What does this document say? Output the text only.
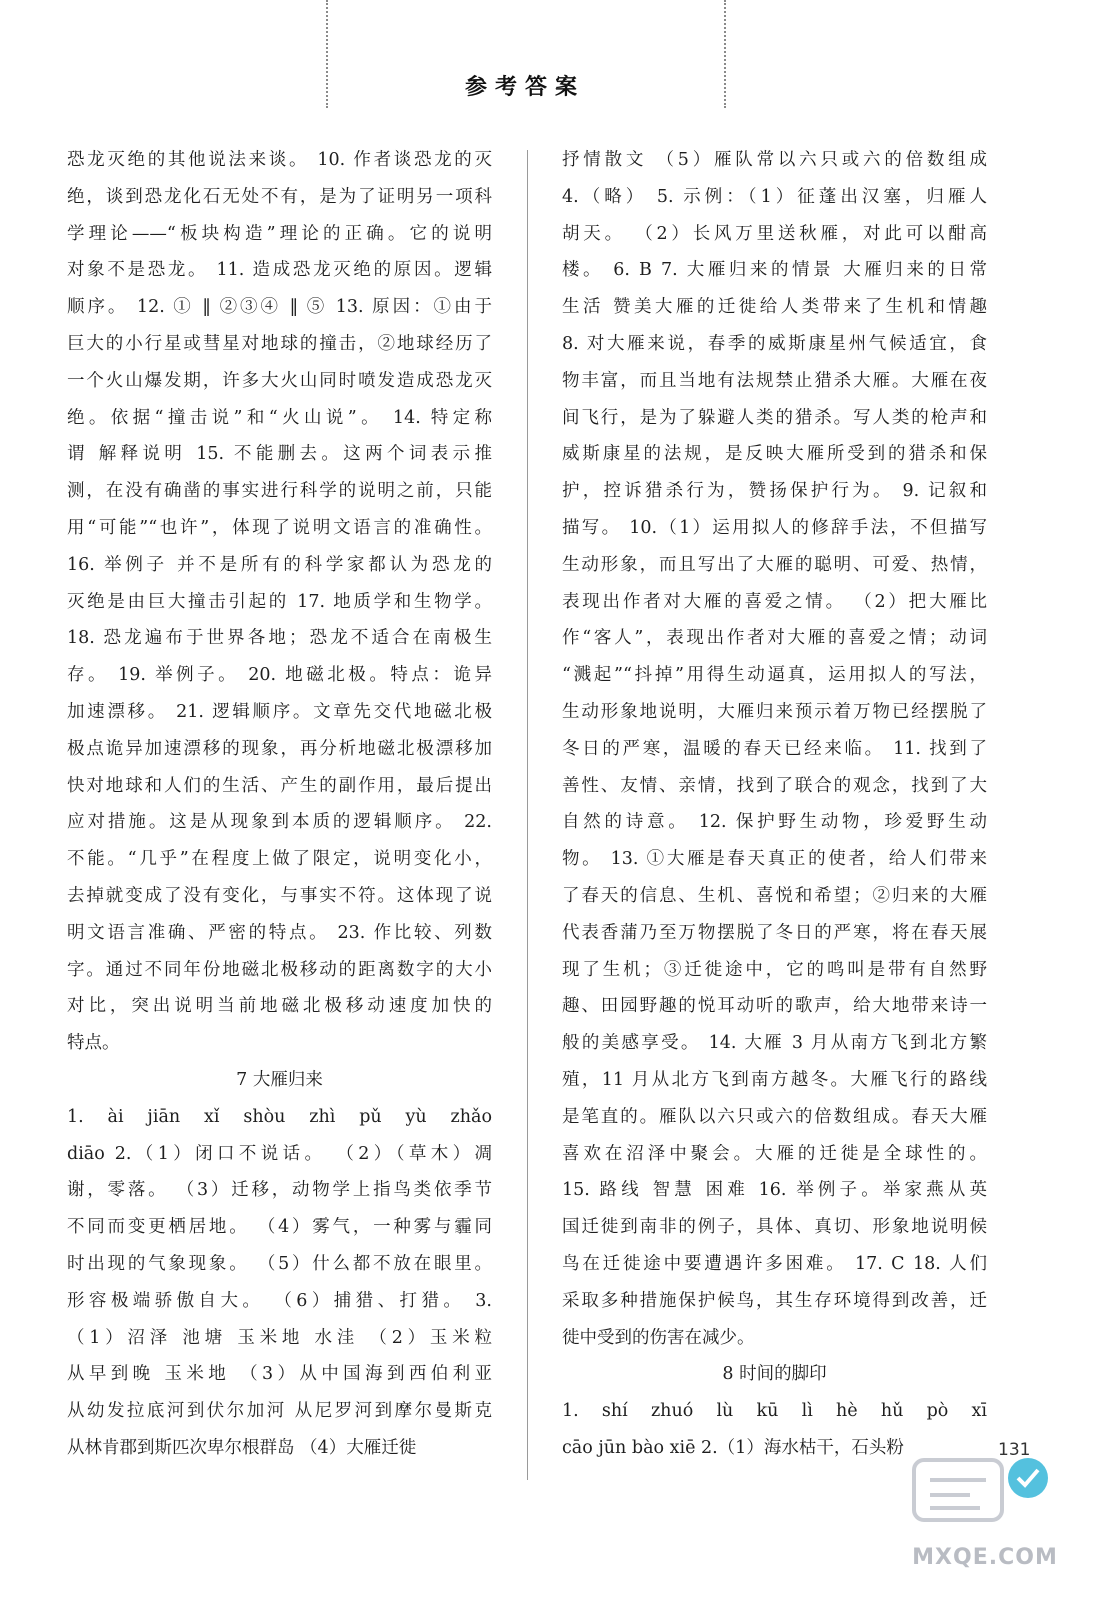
参考答案
恐龙灭绝的其他说法来谈。 10. 作者谈恐龙的灭
绝，谈到恐龙化石无处不有，是为了证明另一项科
学理论——“板块构造”理论的正确。它的说明
对象不是恐龙。 11. 造成恐龙灭绝的原因。逻辑
顺序。 12. ① ‖ ②③④ ‖ ⑤ 13. 原因：①由于
巨大的小行星或彗星对地球的撞击，②地球经历了
一个火山爆发期，许多大火山同时喷发造成恐龙灭
绝。依据“撞击说”和“火山说”。 14. 特定称
谓 解释说明 15. 不能删去。这两个词表示推
测，在没有确凿的事实进行科学的说明之前，只能
用“可能”“也许”，体现了说明文语言的准确性。
16. 举例子 并不是所有的科学家都认为恐龙的
灭绝是由巨大撞击引起的 17. 地质学和生物学。
18. 恐龙遍布于世界各地；恐龙不适合在南极生
存。 19. 举例子。 20. 地磁北极。特点：诡异
加速漂移。 21. 逻辑顺序。文章先交代地磁北极
极点诡异加速漂移的现象，再分析地磁北极漂移加
快对地球和人们的生活、产生的副作用，最后提出
应对措施。这是从现象到本质的逻辑顺序。 22.
不能。“几乎”在程度上做了限定，说明变化小，
去掉就变成了没有变化，与事实不符。这体现了说
明文语言准确、严密的特点。 23. 作比较、列数
字。通过不同年份地磁北极移动的距离数字的大小
对比，突出说明当前地磁北极移动速度加快的
特点。
7 大雁归来
1. ài jiān xǐ shòu zhì pǔ yù zhǎo
diāo 2.（1）闭口不说话。 （2）（草木）凋
谢，零落。 （3）迁移，动物学上指鸟类依季节
不同而变更栖居地。 （4）雾气，一种雾与霾同
时出现的气象现象。 （5）什么都不放在眼里。
形容极端骄傲自大。 （6）捕猎、打猎。 3.
（1）沼泽 池塘 玉米地 水洼 （2）玉米粒
从早到晚 玉米地 （3）从中国海到西伯利亚
从幼发拉底河到伏尔加河 从尼罗河到摩尔曼斯克
从林肯郡到斯匹次卑尔根群岛 （4）大雁迁徙
抒情散文 （5）雁队常以六只或六的倍数组成
4.（略） 5. 示例：（1）征蓬出汉塞，归雁人
胡天。 （2）长风万里送秋雁，对此可以酣高
楼。 6. B 7. 大雁归来的情景 大雁归来的日常
生活 赞美大雁的迁徙给人类带来了生机和情趣
8. 对大雁来说，春季的威斯康星州气候适宜，食
物丰富，而且当地有法规禁止猎杀大雁。大雁在夜
间飞行，是为了躲避人类的猎杀。写人类的枪声和
威斯康星的法规，是反映大雁所受到的猎杀和保
护，控诉猎杀行为，赞扬保护行为。 9. 记叙和
描写。 10.（1）运用拟人的修辞手法，不但描写
生动形象，而且写出了大雁的聪明、可爱、热情，
表现出作者对大雁的喜爱之情。 （2）把大雁比
作“客人”，表现出作者对大雁的喜爱之情；动词
“溅起”“抖掉”用得生动逼真，运用拟人的写法，
生动形象地说明，大雁归来预示着万物已经摆脱了
冬日的严寒，温暖的春天已经来临。 11. 找到了
善性、友情、亲情，找到了联合的观念，找到了大
自然的诗意。 12. 保护野生动物，珍爱野生动
物。 13. ①大雁是春天真正的使者，给人们带来
了春天的信息、生机、喜悦和希望；②归来的大雁
代表香蒲乃至万物摆脱了冬日的严寒，将在春天展
现了生机；③迁徙途中，它的鸣叫是带有自然野
趣、田园野趣的悦耳动听的歌声，给大地带来诗一
般的美感享受。 14. 大雁 3 月从南方飞到北方繁
殖，11 月从北方飞到南方越冬。大雁飞行的路线
是笔直的。雁队以六只或六的倍数组成。春天大雁
喜欢在沼泽中聚会。大雁的迁徙是全球性的。
15. 路线 智慧 困难 16. 举例子。举家燕从英
国迁徙到南非的例子，具体、真切、形象地说明候
鸟在迁徙途中要遭遇许多困难。 17. C 18. 人们
采取多种措施保护候鸟，其生存环境得到改善，迁
徙中受到的伤害在减少。
8 时间的脚印
1. shí zhuó lù kū lì hè hǔ pò xī
cāo jūn bào xiē 2.（1）海水枯干，石头粉
MXQE.COM
131
